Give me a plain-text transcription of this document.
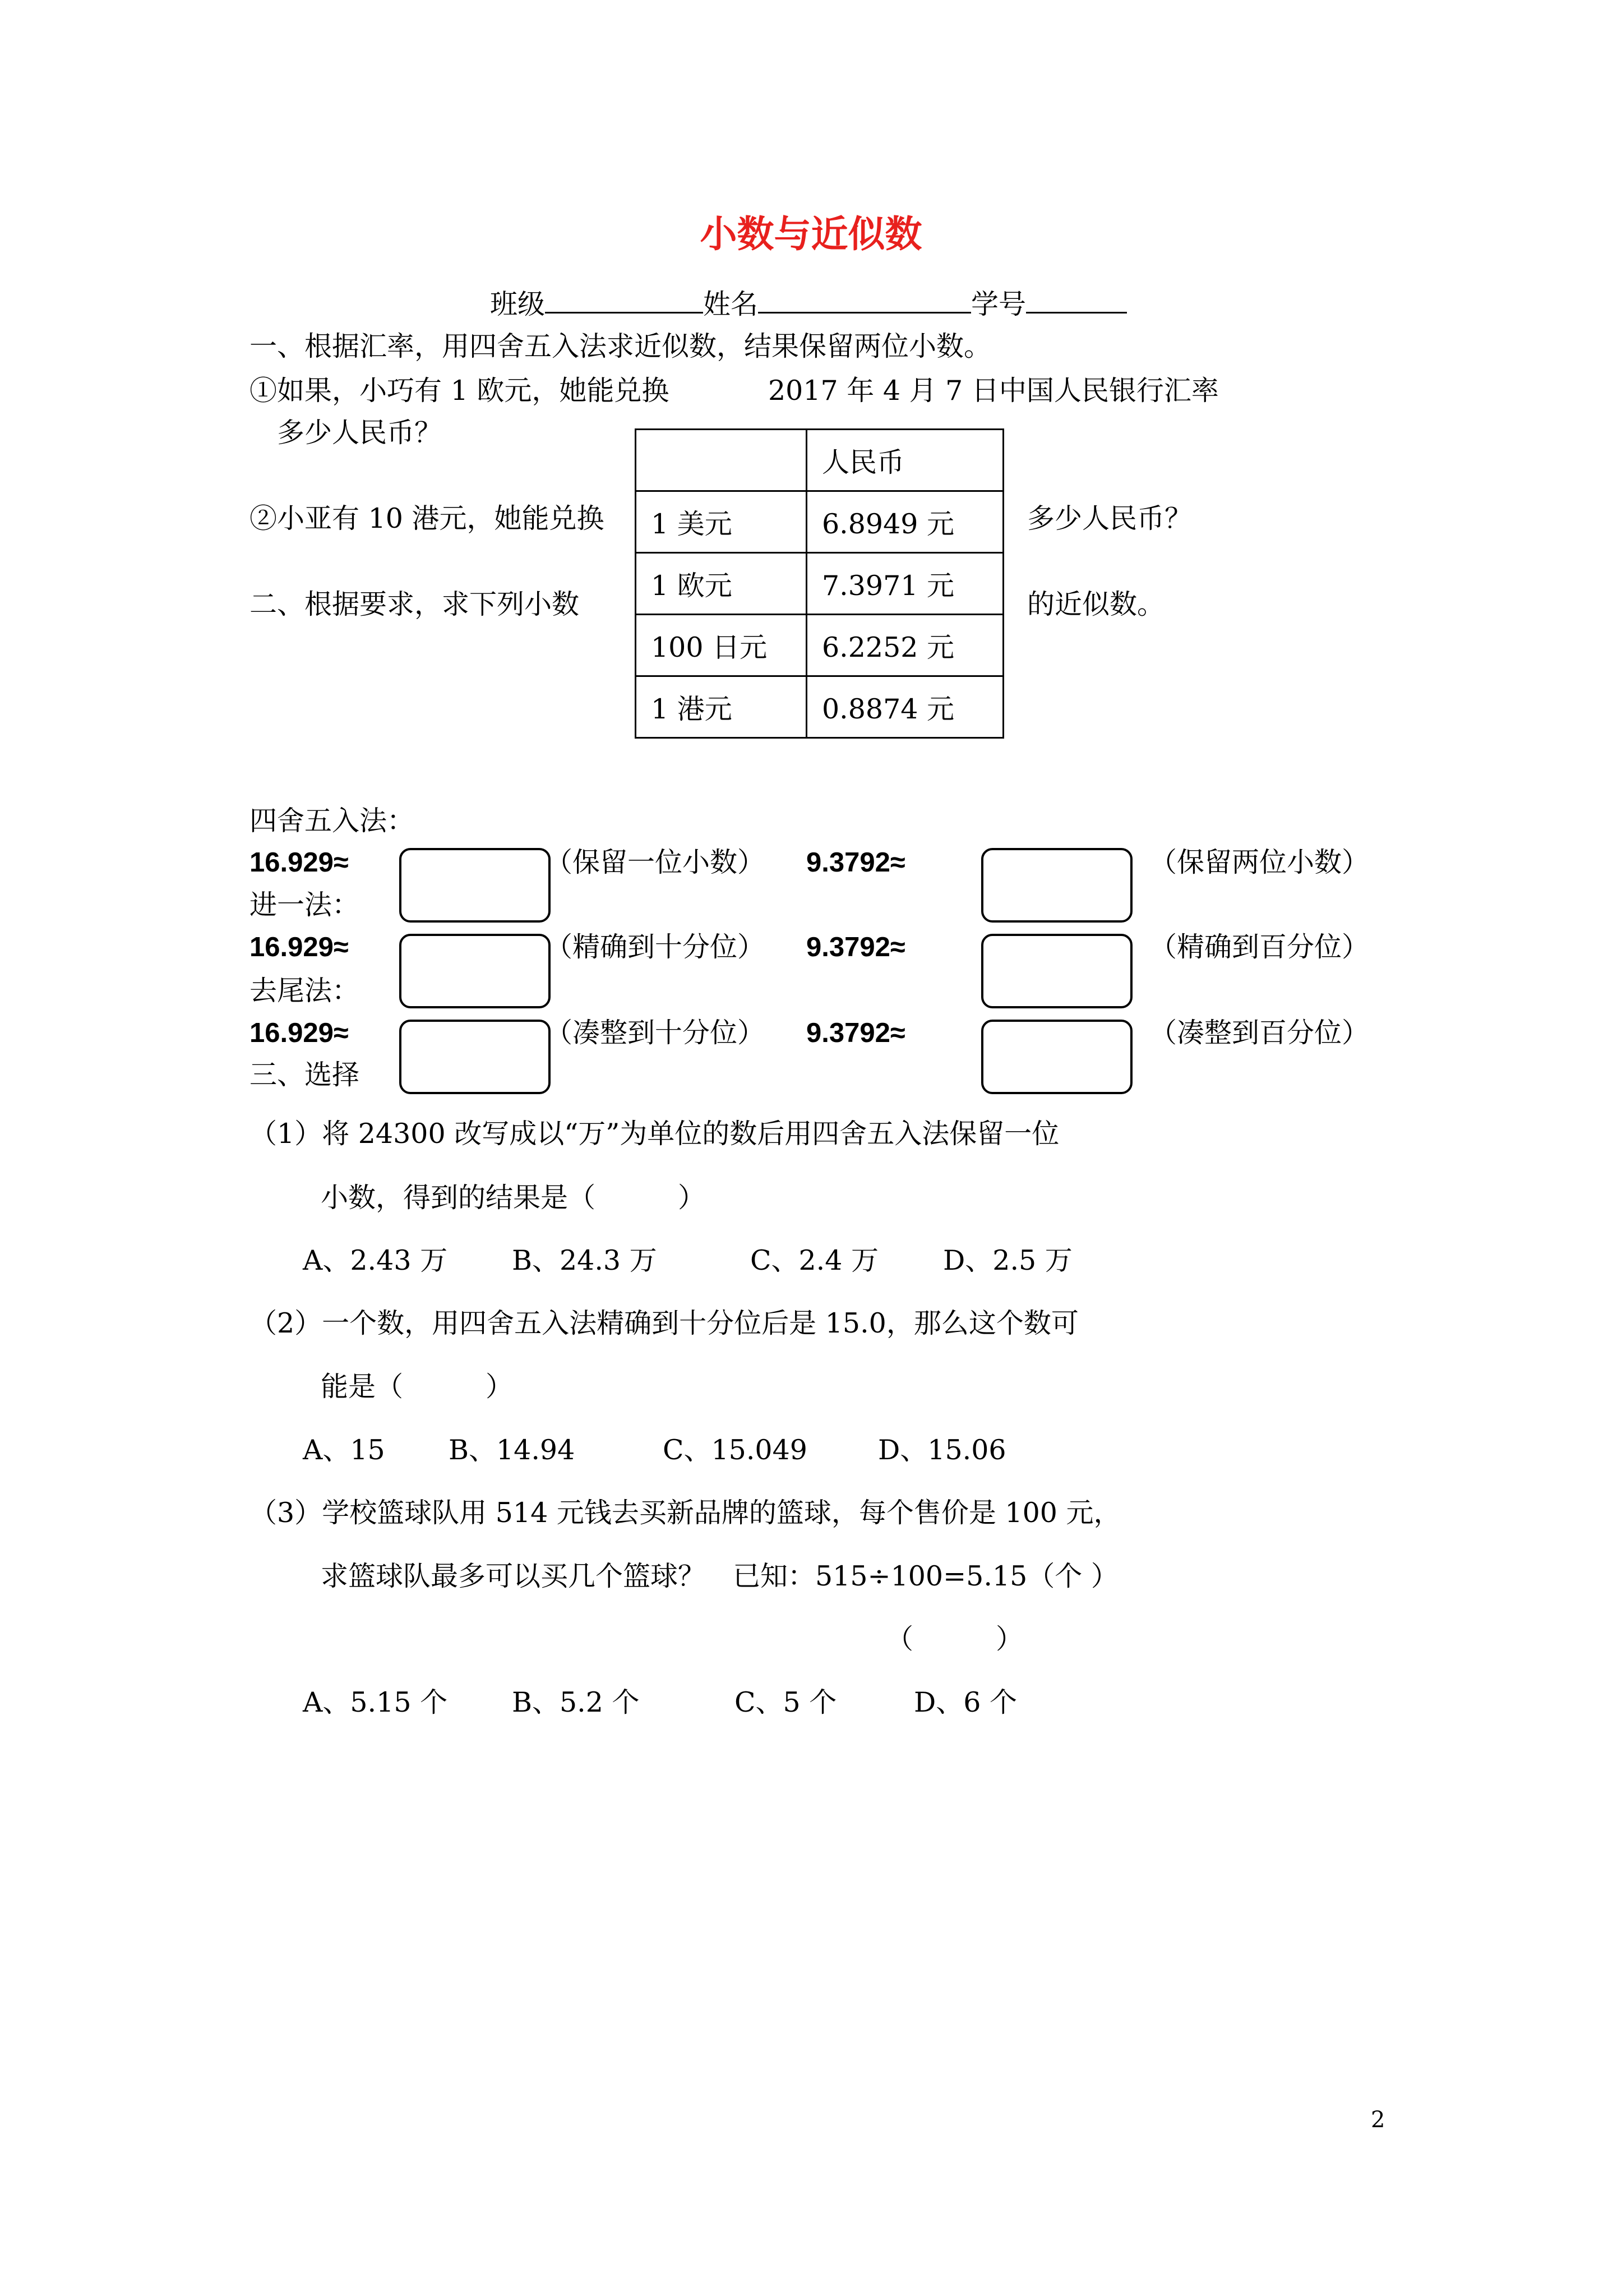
小数与近似数
班级	姓名	学号
一、根据汇率，用四舍五入法求近似数，结果保留两位小数。
①如果，小巧有 1 欧元，她能兑换	2017 年 4 月 7 日中国人民银行汇率
多少人民币？
	人民币
1 美元	6.8949 元
1 欧元	7.3971 元
100 日元	6.2252 元
1 港元	0.8874 元
②小亚有 10 港元，她能兑换	多少人民币？
二、根据要求，求下列小数	的近似数。
四舍五入法：
16.929≈	（保留一位小数） 9.3792≈	（保留两位小数）
进一法：
16.929≈	（精确到十分位） 9.3792≈	（精确到百分位）
去尾法：
16.929≈	（凑整到十分位） 9.3792≈	（凑整到百分位）
三、选择
（1）将 24300 改写成以“万”为单位的数后用四舍五入法保留一位
小数，得到的结果是（　　　）
A、2.43 万 B、24.3 万	C、2.4 万 D、2.5 万
（2）一个数，用四舍五入法精确到十分位后是 15.0，那么这个数可
能是（　　　）
A、15 B、14.94	C、15.049	D、15.06
（3）学校篮球队用 514 元钱去买新品牌的篮球，每个售价是 100 元，
求篮球队最多可以买几个篮球？　已知：515÷100=5.15（个 ）
（　　　）
A、5.15 个 B、5.2 个	C、5 个	D、6 个
2
